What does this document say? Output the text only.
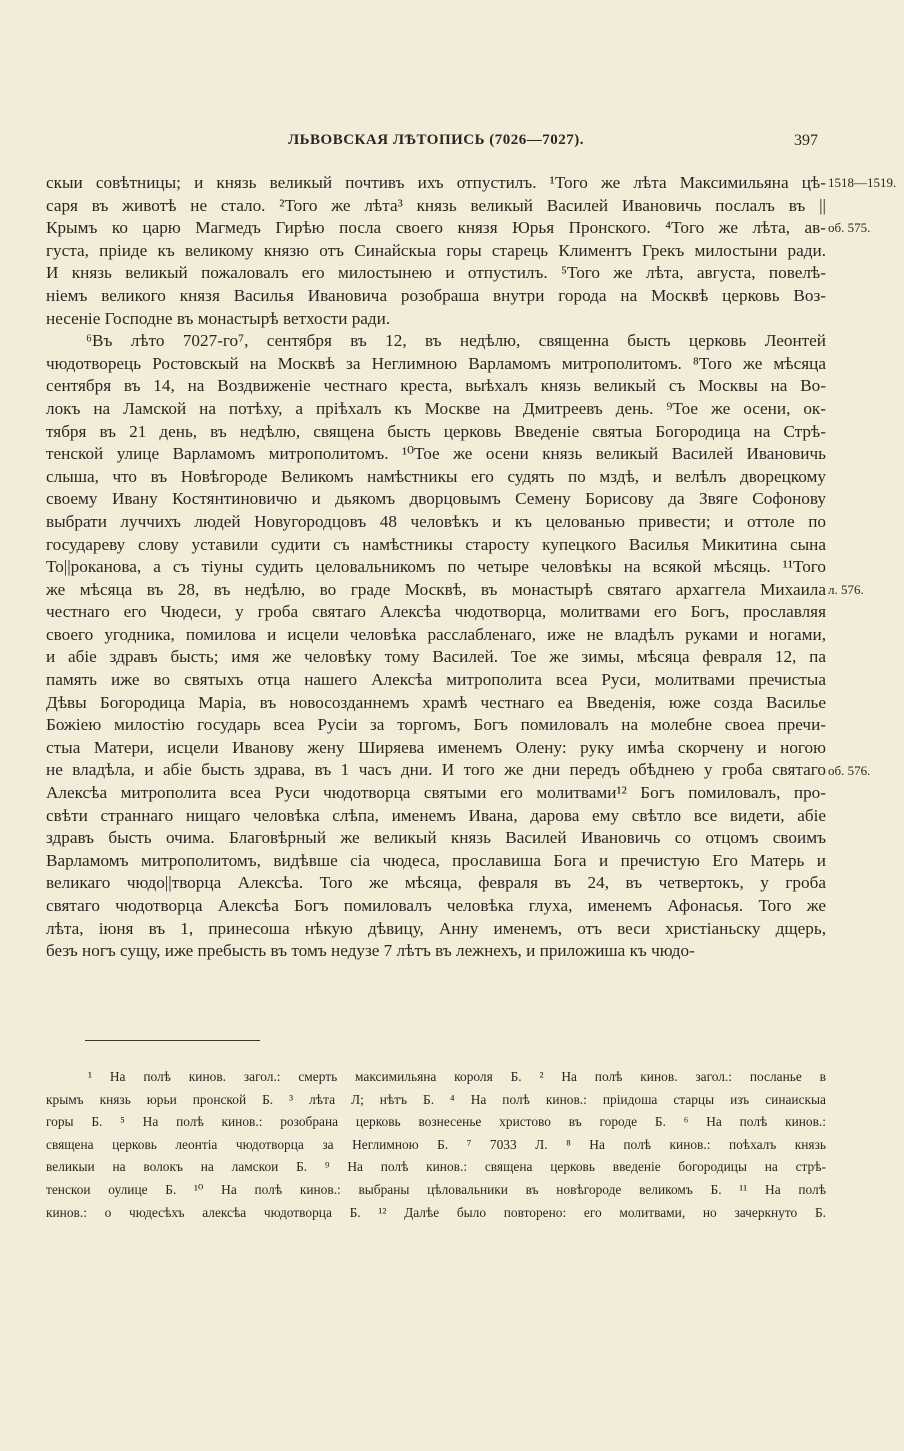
ЛЬВОВСКАЯ ЛѢТОПИСЬ (7026—7027).	397
скыи совѣтницы; и князь великый почтивъ ихъ отпустилъ. ¹Того же лѣта Максимильяна цѣ-
саря въ животѣ не стало. ²Того же лѣта³ князь великый Василей Ивановичь послалъ въ ||
Крымъ ко царю Магмедъ Гирѣю посла своего князя Юрья Пронского. ⁴Того же лѣта, ав-
густа, пріиде къ великому князю отъ Синайскыа горы старець Климентъ Грекъ милостыни ради.
И князь великый пожаловалъ его милостынею и отпустилъ. ⁵Того же лѣта, августа, повелѣ-
ніемъ великого князя Василья Ивановича розобраша внутри города на Москвѣ церковь Воз-
несеніе Господне въ монастырѣ ветхости ради.
⁶Въ лѣто 7027-го⁷, сентября въ 12, въ недѣлю, священна бысть церковь Леонтей
чюдотворець Ростовскый на Москвѣ за Неглимною Варламомъ митрополитомъ. ⁸Того же мѣсяца
сентября въ 14, на Воздвиженіе честнаго креста, выѣхалъ князь великый съ Москвы на Во-
локъ на Ламской на потѣху, а пріѣхалъ къ Москве на Дмитреевъ день. ⁹Тое же осени, ок-
тября въ 21 день, въ недѣлю, священа бысть церковь Введеніе святыа Богородица на Стрѣ-
тенской улице Варламомъ митрополитомъ. ¹⁰Тое же осени князь великый Василей Ивановичь
слыша, что въ Новѣгороде Великомъ намѣстникы его судять по мздѣ, и велѣлъ дворецкому
своему Ивану Костянтиновичю и дьякомъ дворцовымъ Семену Борисову да Звяге Софонову
выбрати луччихъ людей Новугородцовъ 48 человѣкъ и къ целованью привести; и оттоле по
государеву слову уставили судити съ намѣстникы старосту купецкого Василья Микитина сына
То||роканова, а съ тіуны судить целовальникомъ по четыре человѣкы на всякой мѣсяць. ¹¹Того
же мѣсяца въ 28, въ недѣлю, во граде Москвѣ, въ монастырѣ святаго архаггела Михаила
честнаго его Чюдеси, у гроба святаго Алексѣа чюдотворца, молитвами его Богъ, прославляя
своего угодника, помилова и исцели человѣка расслабленаго, иже не владѣлъ руками и ногами,
и абіе здравъ бысть; имя же человѣку тому Василей. Тое же зимы, мѣсяца февраля 12, па
память иже во святыхъ отца нашего Алексѣа митрополита всеа Руси, молитвами пречистыа
Дѣвы Богородица Маріа, въ новосозданнемъ храмѣ честнаго еа Введенія, юже созда Василье
Божіею милостію государь всеа Русіи за торгомъ, Богъ помиловалъ на молебне своеа пречи-
стыа Матери, исцели Иванову жену Ширяева именемъ Олену: руку имѣа скорчену и ногою
не владѣла, и абіе бысть здрава, въ 1 часъ дни. И того же дни передъ обѣднею у гроба святаго
Алексѣа митрополита всеа Руси чюдотворца святыми его молитвами¹² Богъ помиловалъ, про-
свѣти страннаго нищаго человѣка слѣпа, именемъ Ивана, дарова ему свѣтло все видети, абіе
здравъ бысть очима. Благовѣрный же великый князь Василей Ивановичь со отцомъ своимъ
Варламомъ митрополитомъ, видѣвше сіа чюдеса, прославиша Бога и пречистую Его Матерь и
великаго чюдо||творца Алексѣа. Того же мѣсяца, февраля въ 24, въ четвертокъ, у гроба
святаго чюдотворца Алексѣа Богъ помиловалъ человѣка глуха, именемъ Афонасья. Того же
лѣта, іюня въ 1, принесоша нѣкую дѣвицу, Анну именемъ, отъ веси христіаньску дщерь,
безъ ногъ сущу, иже пребысть въ томъ недузе 7 лѣтъ въ лежнехъ, и приложиша къ чюдо-
1518—1519.
об. 575.
л. 576.
об. 576.
¹ На полѣ кинов. загол.: смерть максимильяна короля Б. ² На полѣ кинов. загол.: посланье в
крымъ князь юрьи пронской Б. ³ лѣта Л; нѣтъ Б. ⁴ На полѣ кинов.: пріидоша старцы изъ синаискыа
горы Б. ⁵ На полѣ кинов.: розобрана церковь вознесенье христово въ городе Б. ⁶ На полѣ кинов.:
священа церковь леонтіа чюдотворца за Неглимною Б. ⁷ 7033 Л. ⁸ На полѣ кинов.: поѣхалъ князь
великыи на волокъ на ламскои Б. ⁹ На полѣ кинов.: священа церковь введеніе богородицы на стрѣ-
тенскои оулице Б. ¹⁰ На полѣ кинов.: выбраны цѣловальники въ новѣгороде великомъ Б. ¹¹ На полѣ
кинов.: о чюдесѣхъ алексѣа чюдотворца Б. ¹² Далѣе было повторено: его молитвами, но зачеркнуто Б.
